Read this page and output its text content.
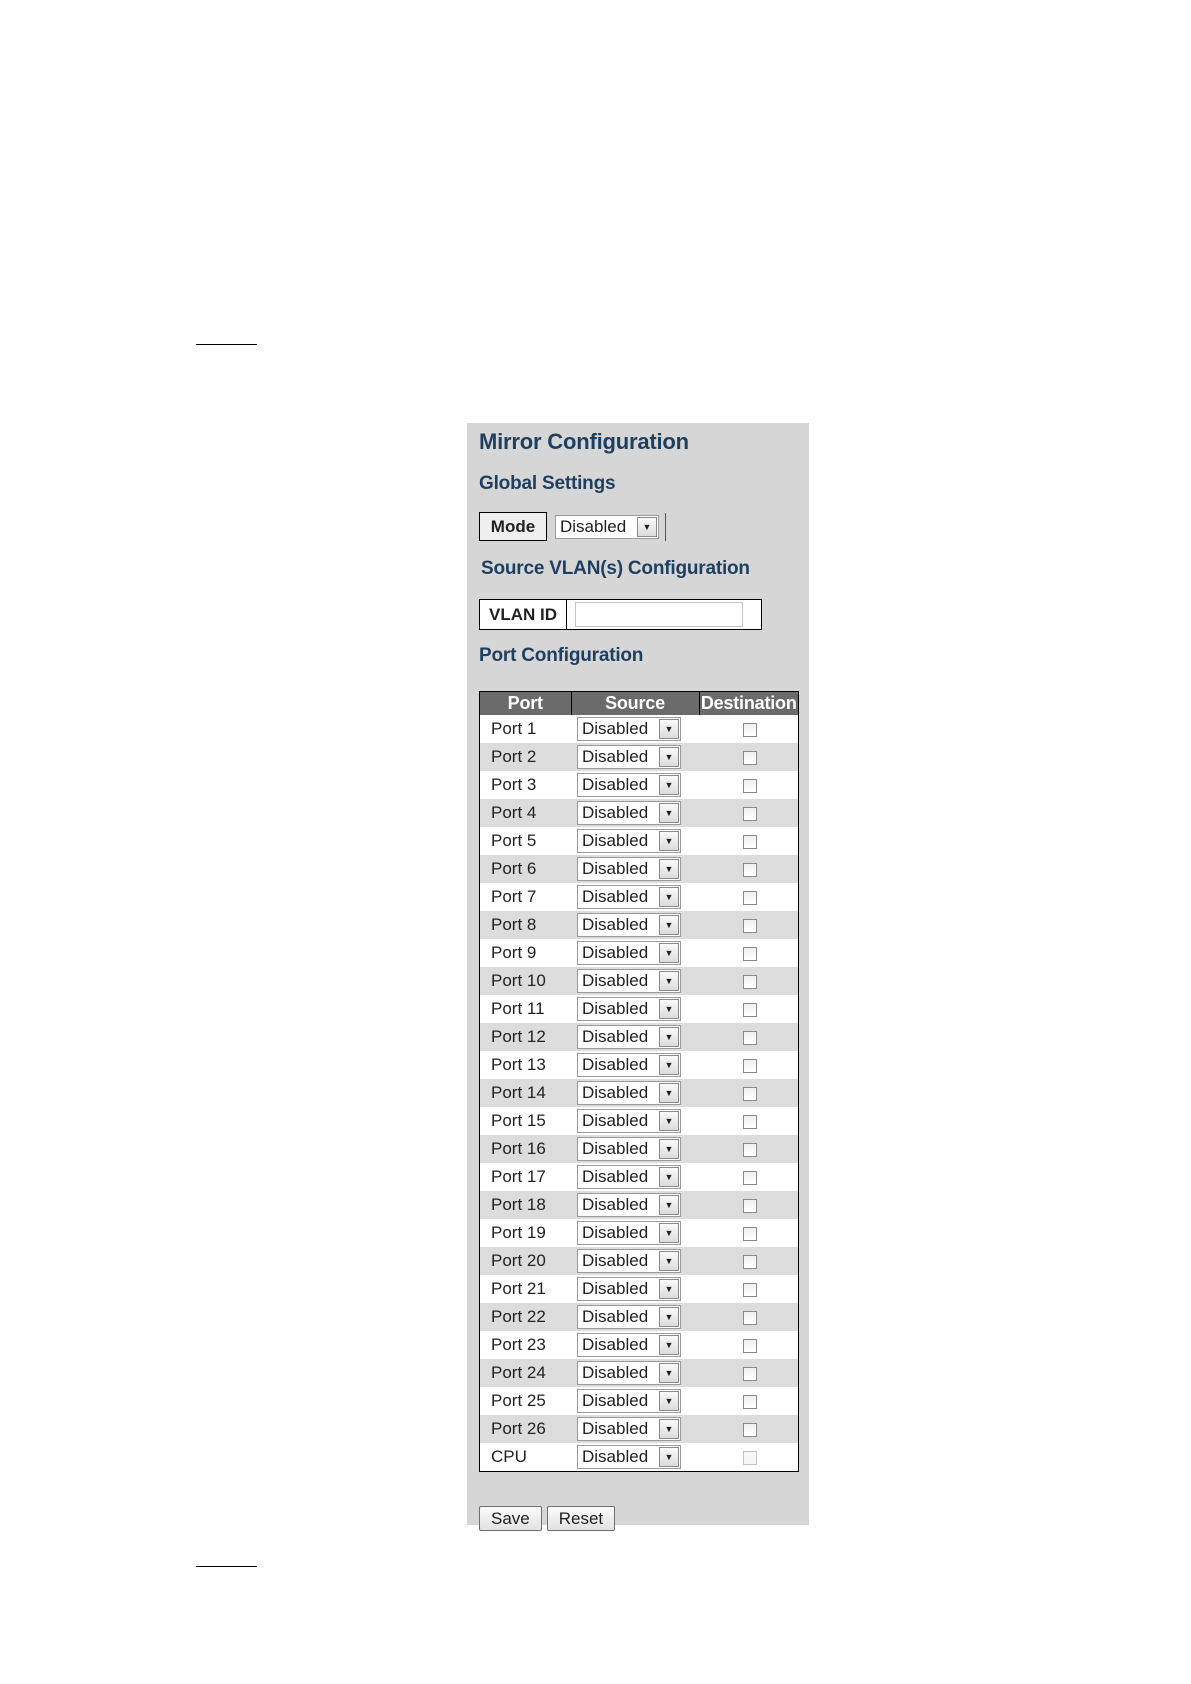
Mirror Configuration
Global Settings
Mode	Disabled	▼
Source VLAN(s) Configuration
VLAN ID
Port Configuration
Port	Source	Destination
Port 1	Disabled ▼	

Port 2	Disabled ▼	

Port 3	Disabled ▼	

Port 4	Disabled ▼	

Port 5	Disabled ▼	

Port 6	Disabled ▼	

Port 7	Disabled ▼	

Port 8	Disabled ▼	

Port 9	Disabled ▼	

Port 10	Disabled ▼	

Port 11	Disabled ▼	

Port 12	Disabled ▼	

Port 13	Disabled ▼	

Port 14	Disabled ▼	

Port 15	Disabled ▼	

Port 16	Disabled ▼	

Port 17	Disabled ▼	

Port 18	Disabled ▼	

Port 19	Disabled ▼	

Port 20	Disabled ▼	

Port 21	Disabled ▼	

Port 22	Disabled ▼	

Port 23	Disabled ▼	

Port 24	Disabled ▼	

Port 25	Disabled ▼	

Port 26	Disabled ▼	

CPU	Disabled ▼	

Save	Reset
